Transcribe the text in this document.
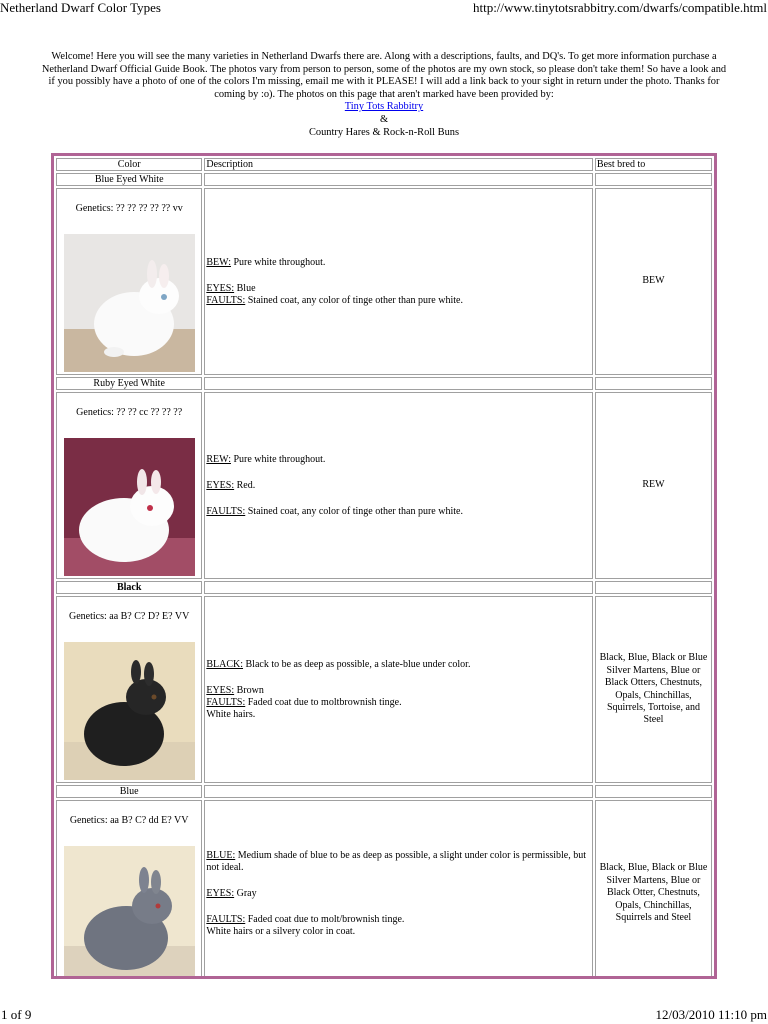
Netherland Dwarf Color Types	http://www.tinytotsrabbitry.com/dwarfs/compatible.html
Welcome! Here you will see the many varieties in Netherland Dwarfs there are. Along with a descriptions, faults, and DQ's. To get more information purchase a Netherland Dwarf Official Guide Book. The photos vary from person to person, some of the photos are my own stock, so please don't take them! So have a look and if you possibly have a photo of one of the colors I'm missing, email me with it PLEASE! I will add a link back to your sight in return under the photo. Thanks for coming by :o). The photos on this page that aren't marked have been provided by:
Tiny Tots Rabbitry
&
Country Hares & Rock-n-Roll Buns
Color	Description	Best bred to
Blue Eyed White		

Genetics: ?? ?? ?? ?? ?? vv	BEW: Pure white throughout.

EYES: Blue

FAULTS: Stained coat, any color of tinge other than pure white.	BEW
Ruby Eyed White		

Genetics: ?? ?? cc ?? ?? ??	REW: Pure white throughout.

EYES: Red.

FAULTS: Stained coat, any color of tinge other than pure white.	REW
Black		

Genetics: aa B? C? D? E? VV	BLACK: Black to be as deep as possible, a slate-blue under color.

EYES: Brown

FAULTS: Faded coat due to moltbrownish tinge.

White hairs.	Black, Blue, Black or Blue Silver Martens, Blue or Black Otters, Chestnuts, Opals, Chinchillas, Squirrels, Tortoise, and Steel
Blue		

Genetics: aa B? C? dd E? VV	BLUE: Medium shade of blue to be as deep as possible, a slight under color is permissible, but not ideal.

EYES: Gray

FAULTS: Faded coat due to molt/brownish tinge.

White hairs or a silvery color in coat.	Black, Blue, Black or Blue Silver Martens, Blue or Black Otter, Chestnuts, Opals, Chinchillas, Squirrels and Steel

1 of 9	12/03/2010 11:10 pm
